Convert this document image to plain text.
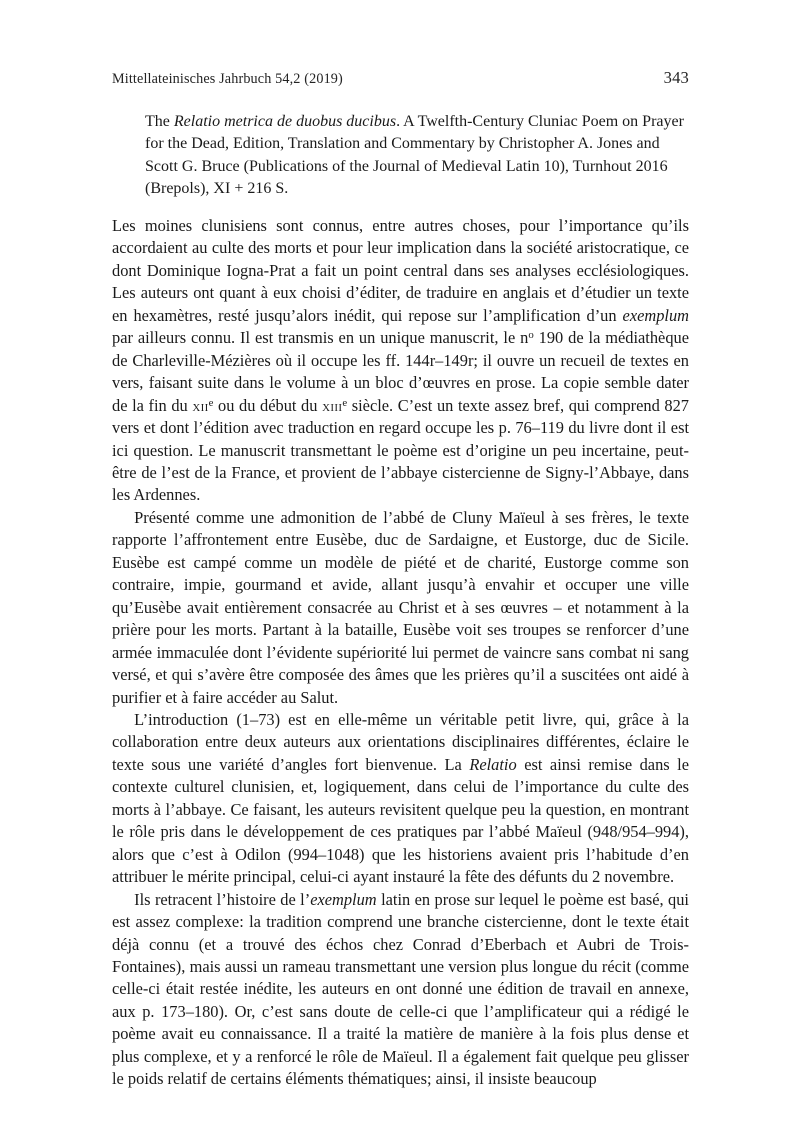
Mittellateinisches Jahrbuch 54,2 (2019)	343
The Relatio metrica de duobus ducibus. A Twelfth-Century Cluniac Poem on Prayer for the Dead, Edition, Translation and Commentary by Christopher A. Jones and Scott G. Bruce (Publications of the Journal of Medieval Latin 10), Turnhout 2016 (Brepols), XI + 216 S.

Les moines clunisiens sont connus, entre autres choses, pour l’importance qu’ils accordaient au culte des morts et pour leur implication dans la société aristocratique, ce dont Dominique Iogna-Prat a fait un point central dans ses analyses ecclésiologiques. Les auteurs ont quant à eux choisi d’éditer, de traduire en anglais et d’étudier un texte en hexamètres, resté jusqu’alors inédit, qui repose sur l’amplification d’un exemplum par ailleurs connu. Il est transmis en un unique manuscrit, le $n^o$ 190 de la médiathèque de Charleville-Mézières où il occupe les ff. 144r–149r; il ouvre un recueil de textes en vers, faisant suite dans le volume à un bloc d’œuvres en prose. La copie semble dater de la fin du xii$^e$ ou du début du xiii$^e$ siècle. C’est un texte assez bref, qui comprend 827 vers et dont l’édition avec traduction en regard occupe les p. 76–119 du livre dont il est ici question. Le manuscrit transmettant le poème est d’origine un peu incertaine, peut-être de l’est de la France, et provient de l’abbaye cistercienne de Signy-l’Abbaye, dans les Ardennes.

Présenté comme une admonition de l’abbé de Cluny Maïeul à ses frères, le texte rapporte l’affrontement entre Eusèbe, duc de Sardaigne, et Eustorge, duc de Sicile. Eusèbe est campé comme un modèle de piété et de charité, Eustorge comme son contraire, impie, gourmand et avide, allant jusqu’à envahir et occuper une ville qu’Eusèbe avait entièrement consacrée au Christ et à ses œuvres – et notamment à la prière pour les morts. Partant à la bataille, Eusèbe voit ses troupes se renforcer d’une armée immaculée dont l’évidente supériorité lui permet de vaincre sans combat ni sang versé, et qui s’avère être composée des âmes que les prières qu’il a suscitées ont aidé à purifier et à faire accéder au Salut.

L’introduction (1–73) est en elle-même un véritable petit livre, qui, grâce à la collaboration entre deux auteurs aux orientations disciplinaires différentes, éclaire le texte sous une variété d’angles fort bienvenue. La Relatio est ainsi remise dans le contexte culturel clunisien, et, logiquement, dans celui de l’importance du culte des morts à l’abbaye. Ce faisant, les auteurs revisitent quelque peu la question, en montrant le rôle pris dans le développement de ces pratiques par l’abbé Maïeul (948/954–994), alors que c’est à Odilon (994–1048) que les historiens avaient pris l’habitude d’en attribuer le mérite principal, celui-ci ayant instauré la fête des défunts du 2 novembre.

Ils retracent l’histoire de l’exemplum latin en prose sur lequel le poème est basé, qui est assez complexe: la tradition comprend une branche cistercienne, dont le texte était déjà connu (et a trouvé des échos chez Conrad d’Eberbach et Aubri de Trois-Fontaines), mais aussi un rameau transmettant une version plus longue du récit (comme celle-ci était restée inédite, les auteurs en ont donné une édition de travail en annexe, aux p. 173–180). Or, c’est sans doute de celle-ci que l’amplificateur qui a rédigé le poème avait eu connaissance. Il a traité la matière de manière à la fois plus dense et plus complexe, et y a renforcé le rôle de Maïeul. Il a également fait quelque peu glisser le poids relatif de certains éléments thématiques; ainsi, il insiste beaucoup
